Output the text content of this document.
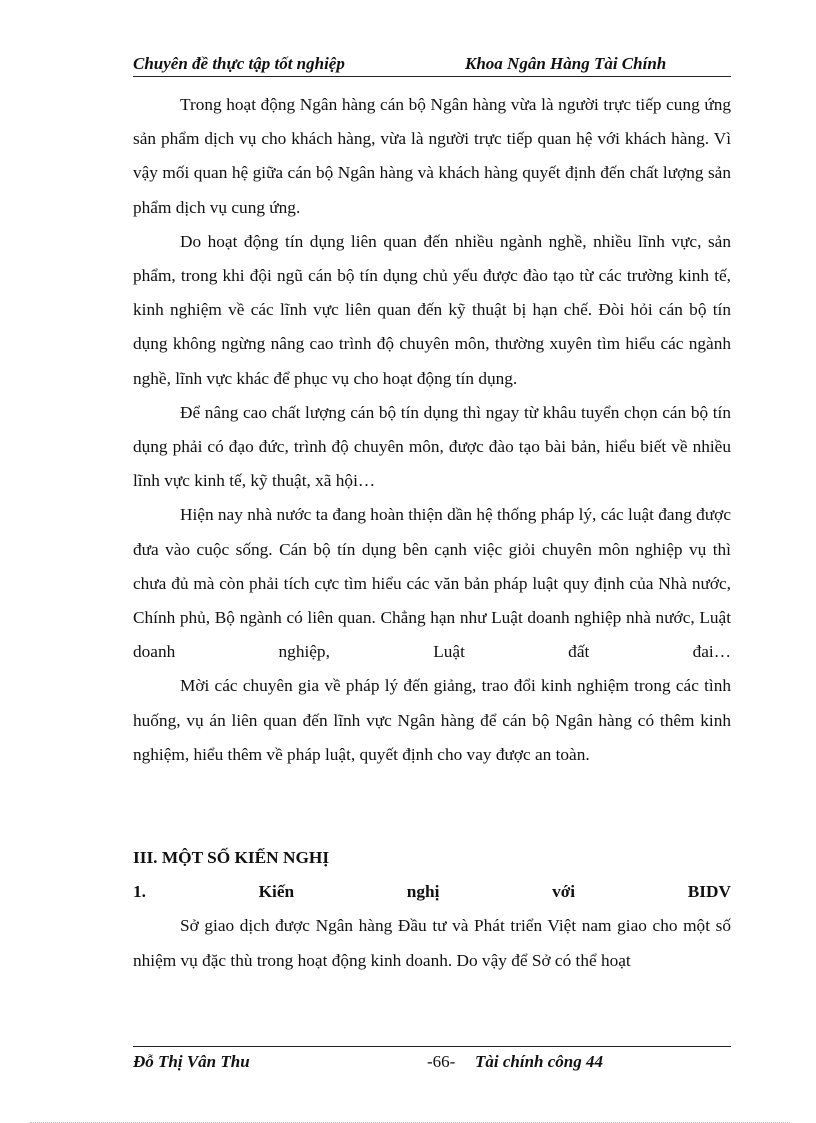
Chuyên đề thực tập tốt nghiệp	Khoa Ngân Hàng Tài Chính

Trong hoạt động Ngân hàng cán bộ Ngân hàng vừa là người trực tiếp cung ứng sản phẩm dịch vụ cho khách hàng, vừa là người trực tiếp quan hệ với khách hàng. Vì vậy mối quan hệ giữa cán bộ Ngân hàng và khách hàng quyết định đến chất lượng sản phẩm dịch vụ cung ứng.

Do hoạt động tín dụng liên quan đến nhiều ngành nghề, nhiều lĩnh vực, sản phẩm, trong khi đội ngũ cán bộ tín dụng chủ yếu được đào tạo từ các trường kinh tế, kinh nghiệm về các lĩnh vực liên quan đến kỹ thuật bị hạn chế. Đòi hỏi cán bộ tín dụng không ngừng nâng cao trình độ chuyên môn, thường xuyên tìm hiểu các ngành nghề, lĩnh vực khác để phục vụ cho hoạt động tín dụng.

Để nâng cao chất lượng cán bộ tín dụng thì ngay từ khâu tuyển chọn cán bộ tín dụng phải có đạo đức, trình độ chuyên môn, được đào tạo bài bản, hiểu biết về nhiều lĩnh vực kinh tế, kỹ thuật, xã hội…

Hiện nay nhà nước ta đang hoàn thiện dần hệ thống pháp lý, các luật đang được đưa vào cuộc sống. Cán bộ tín dụng bên cạnh việc giỏi chuyên môn nghiệp vụ thì chưa đủ mà còn phải tích cực tìm hiểu các văn bản pháp luật quy định của Nhà nước, Chính phủ, Bộ ngành có liên quan. Chẳng hạn như Luật doanh nghiệp nhà nước, Luật doanh nghiệp, Luật đất đai…

Mời các chuyên gia về pháp lý đến giảng, trao đổi kinh nghiệm trong các tình huống, vụ án liên quan đến lĩnh vực Ngân hàng để cán bộ Ngân hàng có thêm kinh nghiệm, hiểu thêm về pháp luật, quyết định cho vay được an toàn.

III. MỘT SỐ KIẾN NGHỊ
1.	Kiến	nghị	với	BIDV

Sở giao dịch được Ngân hàng Đầu tư và Phát triển Việt nam giao cho một số nhiệm vụ đặc thù trong hoạt động kinh doanh. Do vậy để Sở có thể hoạt

Đỗ Thị Vân Thu	-66- Tài chính công 44
